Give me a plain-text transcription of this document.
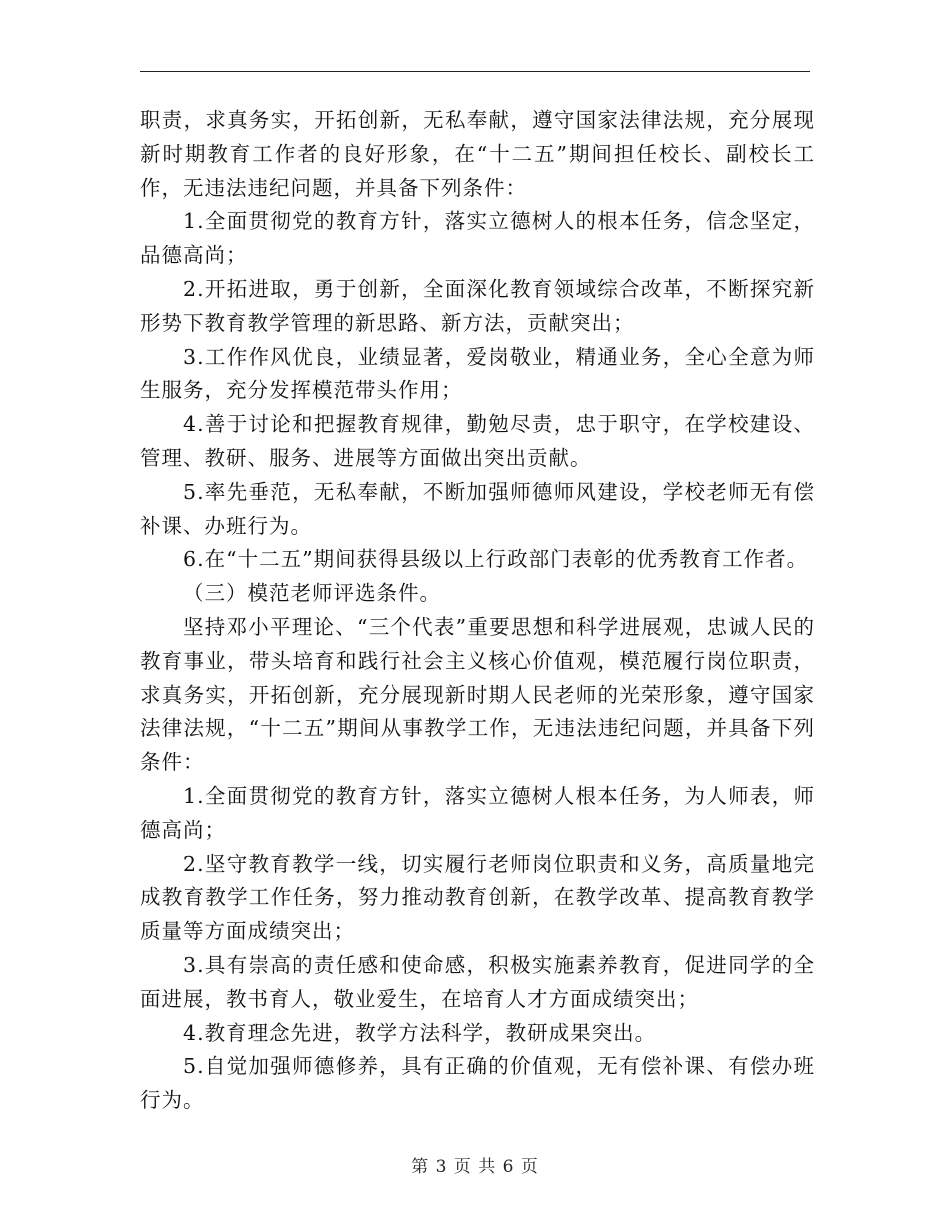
职责，求真务实，开拓创新，无私奉献，遵守国家法律法规，充分展现新时期教育工作者的良好形象，在“十二五”期间担任校长、副校长工作，无违法违纪问题，并具备下列条件：

1.全面贯彻党的教育方针，落实立德树人的根本任务，信念坚定，品德高尚；

2.开拓进取，勇于创新，全面深化教育领域综合改革，不断探究新形势下教育教学管理的新思路、新方法，贡献突出；

3.工作作风优良，业绩显著，爱岗敬业，精通业务，全心全意为师生服务，充分发挥模范带头作用；

4.善于讨论和把握教育规律，勤勉尽责，忠于职守，在学校建设、管理、教研、服务、进展等方面做出突出贡献。

5.率先垂范，无私奉献，不断加强师德师风建设，学校老师无有偿补课、办班行为。

6.在“十二五”期间获得县级以上行政部门表彰的优秀教育工作者。

（三）模范老师评选条件。

坚持邓小平理论、“三个代表”重要思想和科学进展观，忠诚人民的教育事业，带头培育和践行社会主义核心价值观，模范履行岗位职责，求真务实，开拓创新，充分展现新时期人民老师的光荣形象，遵守国家法律法规，“十二五”期间从事教学工作，无违法违纪问题，并具备下列条件：

1.全面贯彻党的教育方针，落实立德树人根本任务，为人师表，师德高尚；

2.坚守教育教学一线，切实履行老师岗位职责和义务，高质量地完成教育教学工作任务，努力推动教育创新，在教学改革、提高教育教学质量等方面成绩突出；

3.具有崇高的责任感和使命感，积极实施素养教育，促进同学的全面进展，教书育人，敬业爱生，在培育人才方面成绩突出；

4.教育理念先进，教学方法科学，教研成果突出。

5.自觉加强师德修养，具有正确的价值观，无有偿补课、有偿办班行为。

第 3 页 共 6 页
